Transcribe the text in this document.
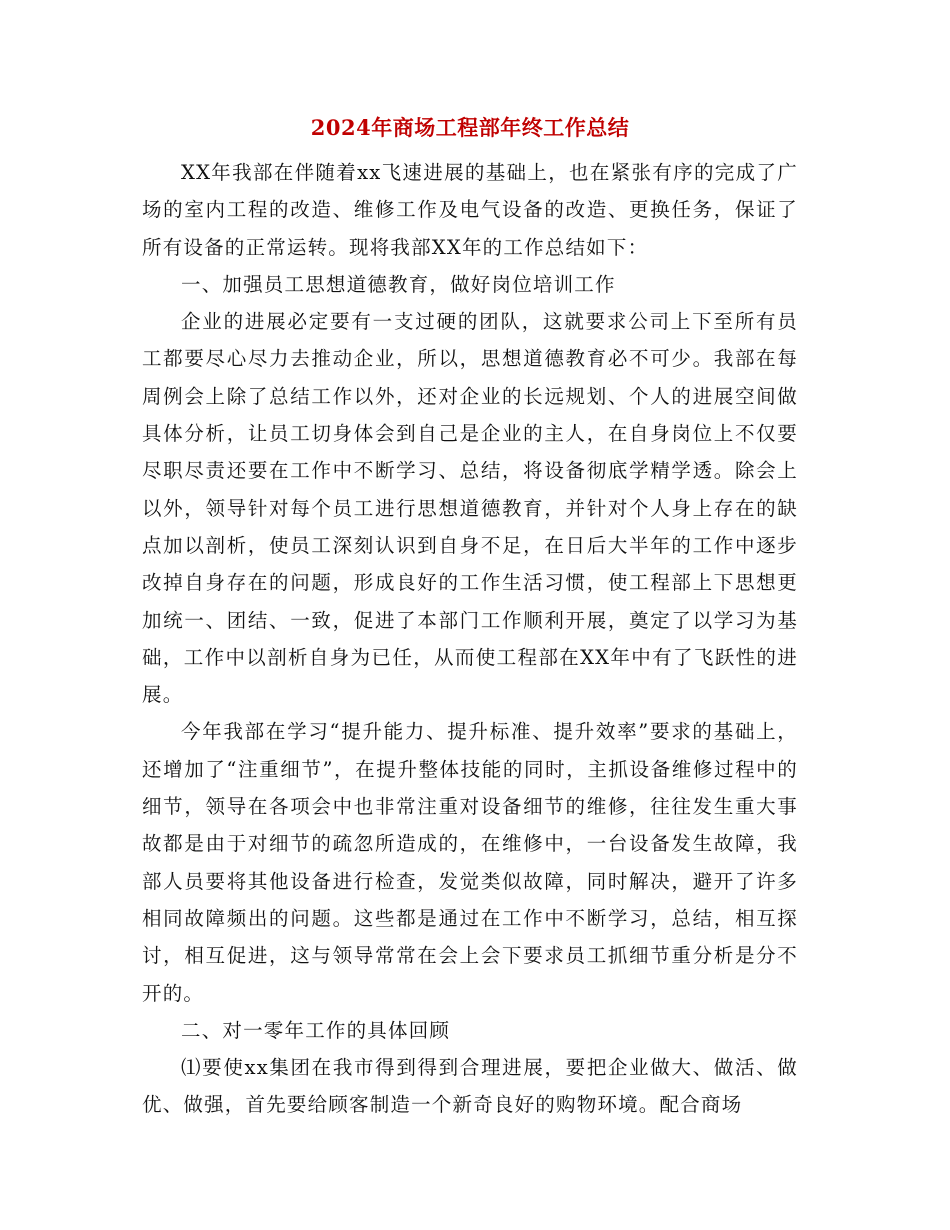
2024年商场工程部年终工作总结

XX年我部在伴随着xx飞速进展的基础上，也在紧张有序的完成了广场的室内工程的改造、维修工作及电气设备的改造、更换任务，保证了所有设备的正常运转。现将我部XX年的工作总结如下：

一、加强员工思想道德教育，做好岗位培训工作

企业的进展必定要有一支过硬的团队，这就要求公司上下至所有员工都要尽心尽力去推动企业，所以，思想道德教育必不可少。我部在每周例会上除了总结工作以外，还对企业的长远规划、个人的进展空间做具体分析，让员工切身体会到自己是企业的主人，在自身岗位上不仅要尽职尽责还要在工作中不断学习、总结，将设备彻底学精学透。除会上以外，领导针对每个员工进行思想道德教育，并针对个人身上存在的缺点加以剖析，使员工深刻认识到自身不足，在日后大半年的工作中逐步改掉自身存在的问题，形成良好的工作生活习惯，使工程部上下思想更加统一、团结、一致，促进了本部门工作顺利开展，奠定了以学习为基础，工作中以剖析自身为已任，从而使工程部在XX年中有了飞跃性的进展。

今年我部在学习“提升能力、提升标准、提升效率”要求的基础上，还增加了“注重细节”，在提升整体技能的同时，主抓设备维修过程中的细节，领导在各项会中也非常注重对设备细节的维修，往往发生重大事故都是由于对细节的疏忽所造成的，在维修中，一台设备发生故障，我部人员要将其他设备进行检查，发觉类似故障，同时解决，避开了许多相同故障频出的问题。这些都是通过在工作中不断学习，总结，相互探讨，相互促进，这与领导常常在会上会下要求员工抓细节重分析是分不开的。

二、对一零年工作的具体回顾

⑴要使xx集团在我市得到得到合理进展，要把企业做大、做活、做优、做强，首先要给顾客制造一个新奇良好的购物环境。配合商场
